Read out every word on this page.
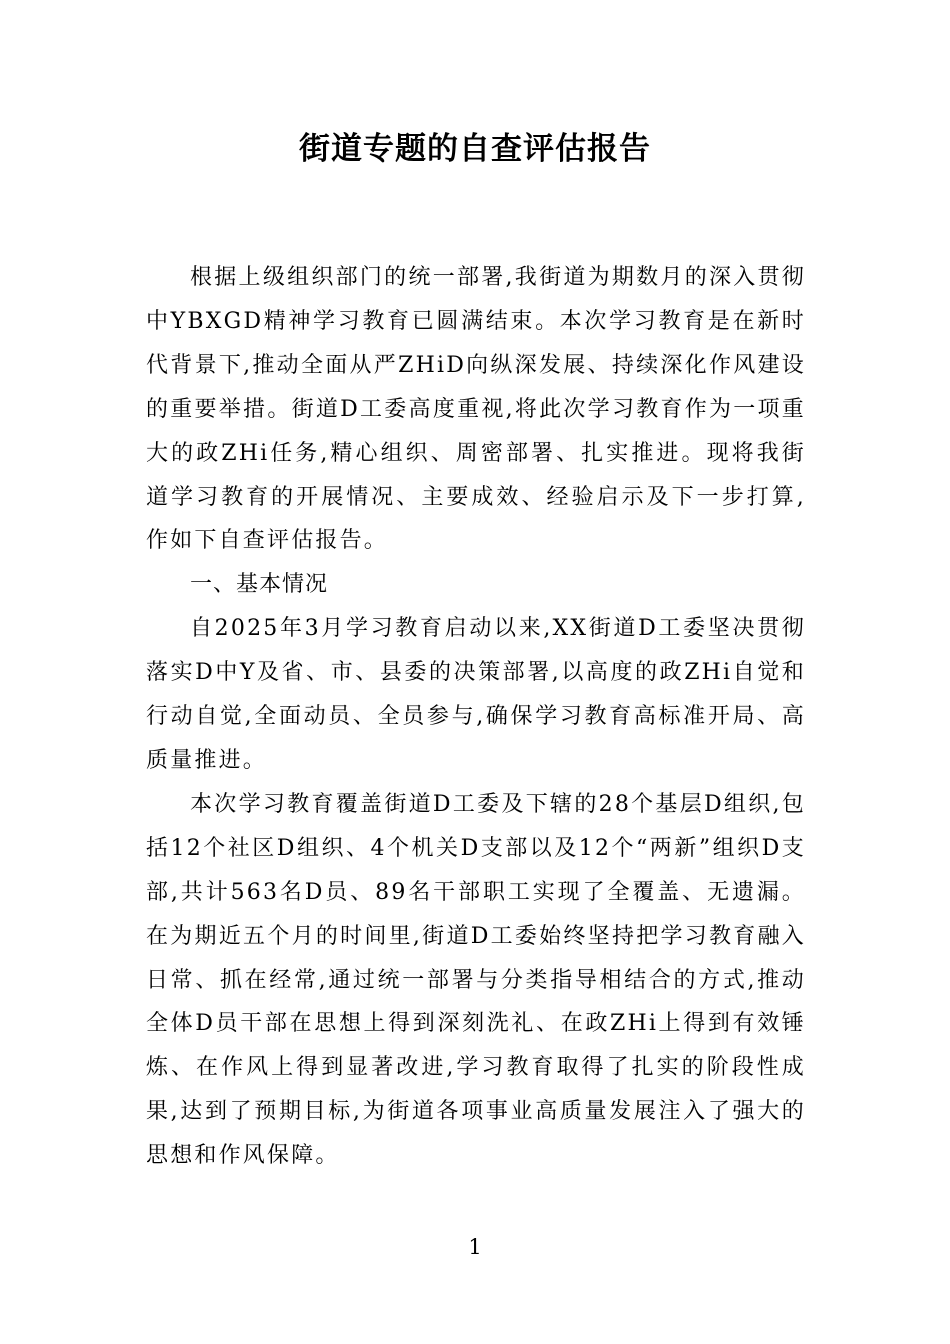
街道专题的自查评估报告

根据上级组织部门的统一部署,我街道为期数月的深入贯彻中YBXGD精神学习教育已圆满结束。本次学习教育是在新时代背景下,推动全面从严ZHiD向纵深发展、持续深化作风建设的重要举措。街道D工委高度重视,将此次学习教育作为一项重大的政ZHi任务,精心组织、周密部署、扎实推进。现将我街道学习教育的开展情况、主要成效、经验启示及下一步打算,作如下自查评估报告。

一、基本情况

自2025年3月学习教育启动以来,XX街道D工委坚决贯彻落实D中Y及省、市、县委的决策部署,以高度的政ZHi自觉和行动自觉,全面动员、全员参与,确保学习教育高标准开局、高质量推进。

本次学习教育覆盖街道D工委及下辖的28个基层D组织,包括12个社区D组织、4个机关D支部以及12个“两新”组织D支部,共计563名D员、89名干部职工实现了全覆盖、无遗漏。在为期近五个月的时间里,街道D工委始终坚持把学习教育融入日常、抓在经常,通过统一部署与分类指导相结合的方式,推动全体D员干部在思想上得到深刻洗礼、在政ZHi上得到有效锤炼、在作风上得到显著改进,学习教育取得了扎实的阶段性成果,达到了预期目标,为街道各项事业高质量发展注入了强大的思想和作风保障。

1
